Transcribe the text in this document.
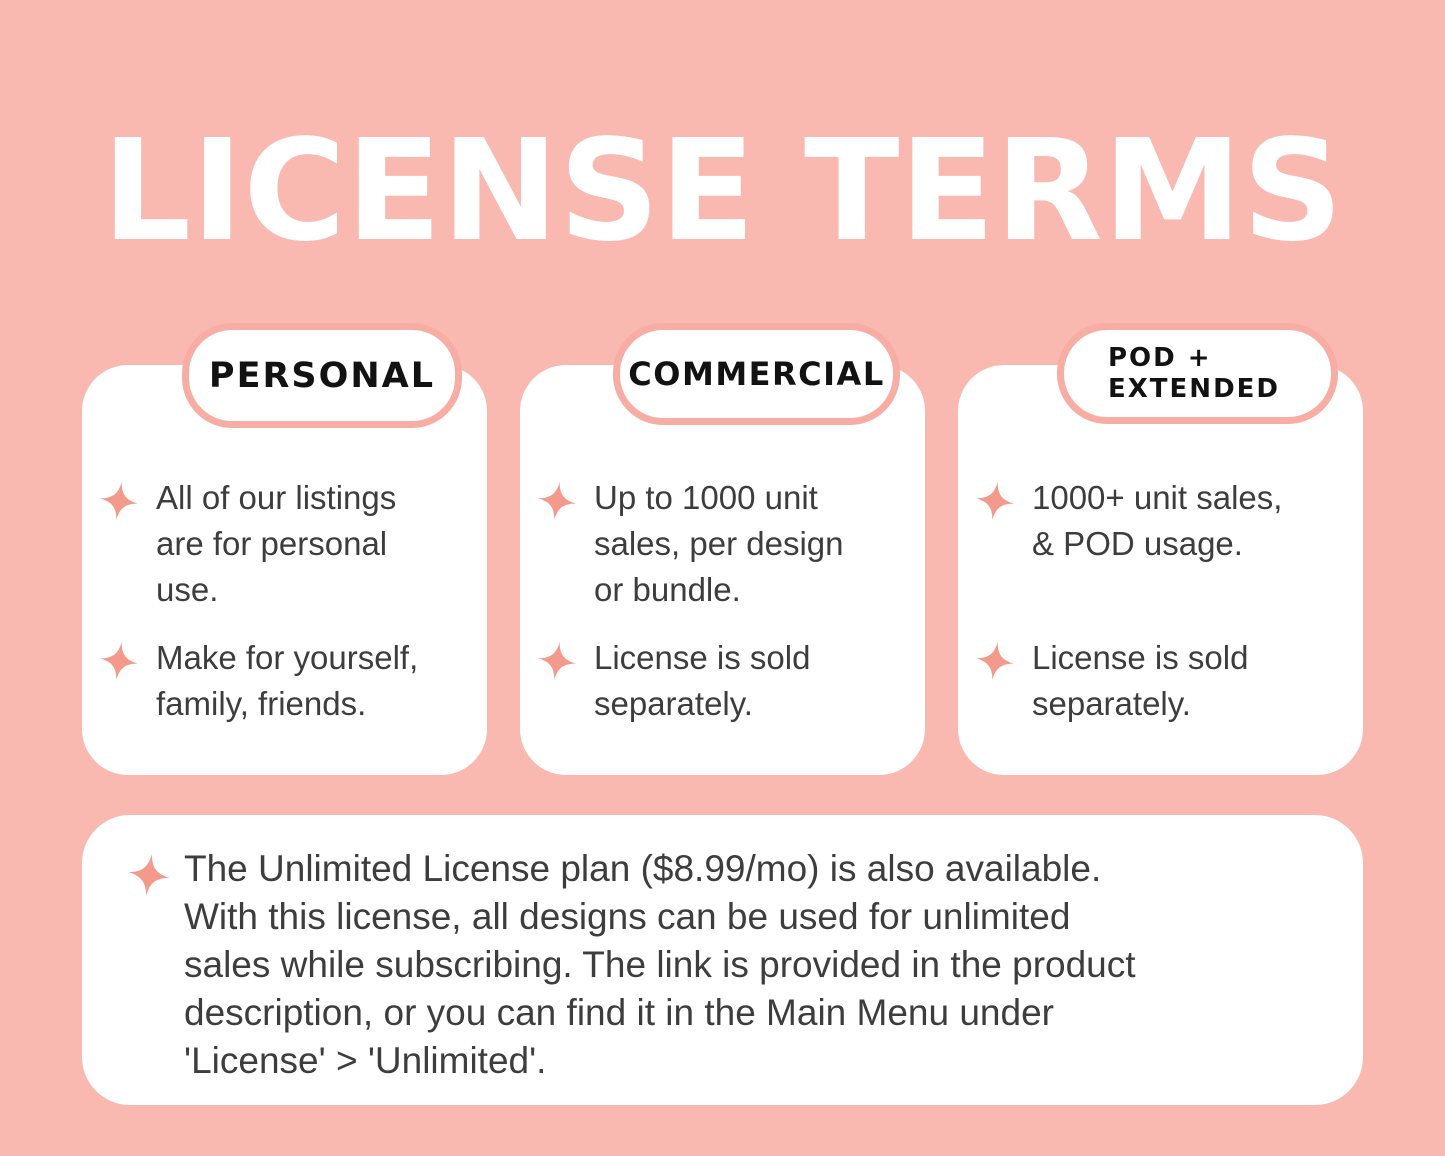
LICENSE TERMS
PERSONAL

All of our listings are for personal use.

Make for yourself, family, friends.

COMMERCIAL

Up to 1000 unit sales, per design or bundle.

License is sold separately.

POD + EXTENDED

1000+ unit sales, & POD usage.

License is sold separately.

The Unlimited License plan ($8.99/mo) is also available.
With this license, all designs can be used for unlimited
sales while subscribing. The link is provided in the product
description, or you can find it in the Main Menu under
'License' > 'Unlimited'.
